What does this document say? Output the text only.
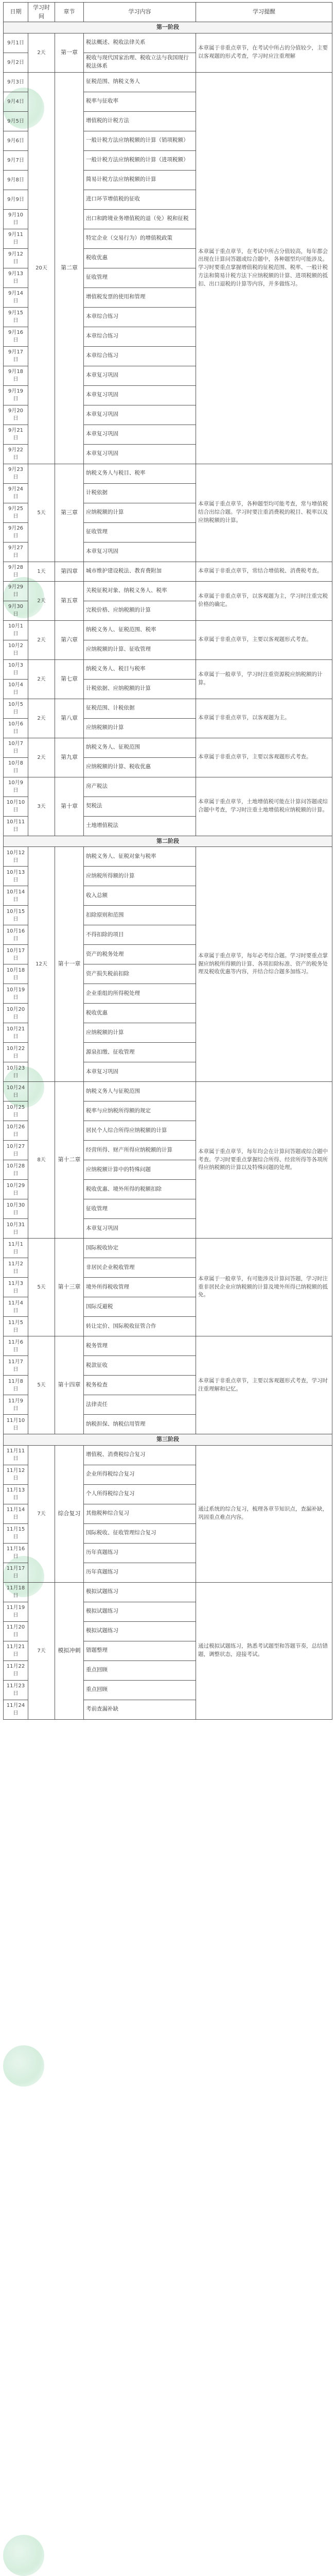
日期	学习时间	章节	学习内容	学习提醒
第一阶段				
9月1日	2天	第一章	税法概述、税收法律关系	本章属于非重点章节，在考试中所占的分值较少，主要以客观题的形式考查，学习时应注重理解
9月2日			税收与现代国家治理、税收立法与我国现行税法体系	
9月3日	20天	第二章	征税范围、纳税义务人	本章属于重点章节，在考试中所占分值较高，每年都会出现在计算问答题或综合题中，各种题型均可能涉及。学习时要重点掌握增值税的征税范围、税率、一般计税方法和简易计税方法下应纳税额的计算、进项税额的抵扣、出口退税的计算等内容，并多做练习。
9月4日			税率与征收率	
9月5日			增值税的计税方法	
9月6日			一般计税方法应纳税额的计算（销项税额）	
9月7日			一般计税方法应纳税额的计算（进项税额）	
9月8日			简易计税方法应纳税额的计算	
9月9日			进口环节增值税的征收	
9月10日			出口和跨境业务增值税的退（免）税和征税	
9月11日			特定企业（交易行为）的增值税政策	
9月12日			税收优惠	
9月13日			征收管理	
9月14日			增值税发票的使用和管理	
9月15日			本章综合练习	
9月16日			本章综合练习	
9月17日			本章综合练习	
9月18日			本章复习巩固	
9月19日			本章复习巩固	
9月20日			本章复习巩固	
9月21日			本章复习巩固	
9月22日			本章复习巩固	
9月23日	5天	第三章	纳税义务人与税目、税率	本章属于重点章节，各种题型均可能考查，常与增值税结合出综合题。学习时要注重消费税的税目、税率以及应纳税额的计算。
9月24日			计税依据	
9月25日			应纳税额的计算	
9月26日			征收管理	
9月27日			本章复习巩固	
9月28日	1天	第四章	城市维护建设税法、教育费附加	本章属于非重点章节，常结合增值税、消费税考查。
9月29日	2天	第五章	关税征税对象、纳税义务人、税率	本章属于非重点章节，以客观题为主，学习时注重完税价格的确定。
9月30日			完税价格、应纳税额的计算	
10月1日	2天	第六章	纳税义务人、征税范围、税率	本章属于非重点章节，主要以客观题形式考查。
10月2日			应纳税额的计算、征收管理	
10月3日	2天	第七章	纳税义务人、税目与税率	本章属于一般章节，学习时注重资源税应纳税额的计算。
10月4日			计税依据、应纳税额的计算	
10月5日	2天	第八章	征税范围、计税依据	本章属于非重点章节，以客观题为主。
10月6日			应纳税额的计算	
10月7日	2天	第九章	纳税义务人、征税范围	本章属于非重点章节，主要以客观题形式考查。
10月8日			应纳税额的计算、税收优惠	
10月9日	3天	第十章	房产税法	本章属于重点章节，土地增值税可能在计算问答题或综合题中考查，学习时注重土地增值税应纳税额的计算。
10月10日			契税法	
10月11日			土地增值税法	
第二阶段				
10月12日	12天	第十一章	纳税义务人、征税对象与税率	本章属于重点章节，每年必考综合题。学习时要重点掌握应纳税所得额的计算、各项扣除标准、资产的税务处理及税收优惠等内容，并结合综合题多加练习。
10月13日			应纳税所得额的计算	
10月14日			收入总额	
10月15日			扣除原则和范围	
10月16日			不得扣除的项目	
10月17日			资产的税务处理	
10月18日			资产损失税前扣除	
10月19日			企业重组的所得税处理	
10月20日			税收优惠	
10月21日			应纳税额的计算	
10月22日			源泉扣缴、征收管理	
10月23日			本章复习巩固	
10月24日	8天	第十二章	纳税义务人与征税范围	本章属于重点章节，每年均会在计算问答题或综合题中考查。学习时要重点掌握综合所得、经营所得等各项所得应纳税额的计算以及特殊问题的处理。
10月25日			税率与应纳税所得额的规定	
10月26日			居民个人综合所得应纳税额的计算	
10月27日			经营所得、财产所得应纳税额的计算	
10月28日			应纳税额计算中的特殊问题	
10月29日			税收优惠、境外所得的税额扣除	
10月30日			征收管理	
10月31日			本章复习巩固	
11月1日	5天	第十三章	国际税收协定	本章属于一般章节，有可能涉及计算问答题，学习时注重非居民企业应纳税额的计算及境外所得已纳税额的抵免。
11月2日			非居民企业税收管理	
11月3日			境外所得税收管理	
11月4日			国际反避税	
11月5日			转让定价、国际税收征管合作	
11月6日	5天	第十四章	税务管理	本章属于非重点章节，主要以客观题形式考查，学习时注重理解和记忆。
11月7日			税款征收	
11月8日			税务检查	
11月9日			法律责任	
11月10日			纳税担保、纳税信用管理	
第三阶段				
11月11日	7天	综合复习	增值税、消费税综合复习	通过系统的综合复习，梳理各章节知识点，查漏补缺，巩固重点难点内容。
11月12日			企业所得税综合复习	
11月13日			个人所得税综合复习	
11月14日			其他税种综合复习	
11月15日			国际税收、征收管理综合复习	
11月16日			历年真题练习	
11月17日			历年真题练习	
11月18日	7天	模拟冲刺	模拟试题练习	通过模拟试题练习，熟悉考试题型和答题节奏，总结错题，调整状态，迎接考试。
11月19日			模拟试题练习	
11月20日			模拟试题练习	
11月21日			错题整理	
11月22日			重点回顾	
11月23日			重点回顾	
11月24日			考前查漏补缺	
